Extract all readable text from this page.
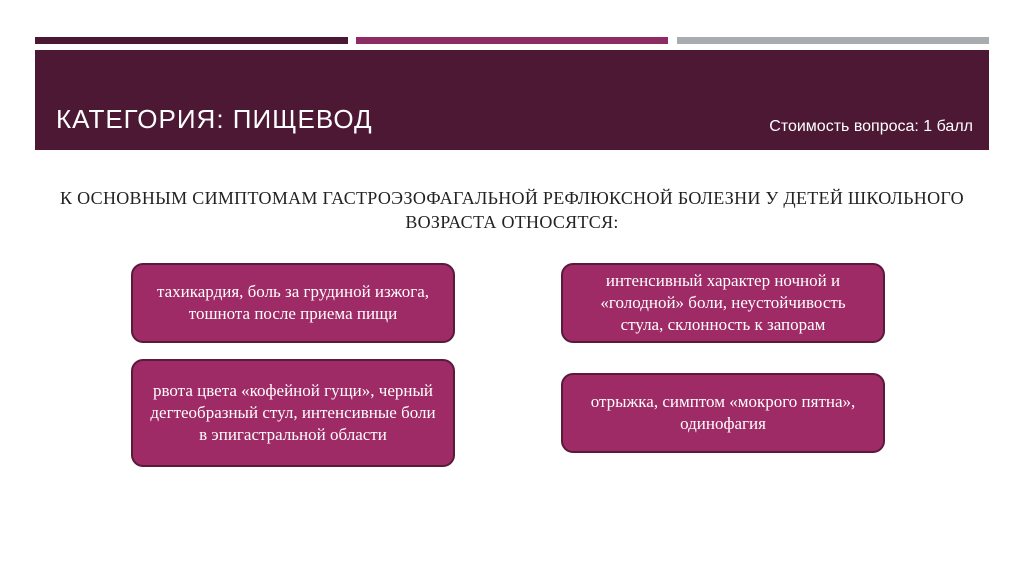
КАТЕГОРИЯ: ПИЩЕВОД	Стоимость вопроса: 1 балл
К ОСНОВНЫМ СИМПТОМАМ ГАСТРОЭЗОФАГАЛЬНОЙ РЕФЛЮКСНОЙ БОЛЕЗНИ У ДЕТЕЙ ШКОЛЬНОГО ВОЗРАСТА ОТНОСЯТСЯ:
тахикардия, боль за грудиной изжога, тошнота после приема пищи
рвота цвета «кофейной гущи», черный дегтеобразный стул, интенсивные боли в эпигастральной области
интенсивный характер ночной и «голодной» боли, неустойчивость стула, склонность к запорам
отрыжка, симптом «мокрого пятна», одинофагия
